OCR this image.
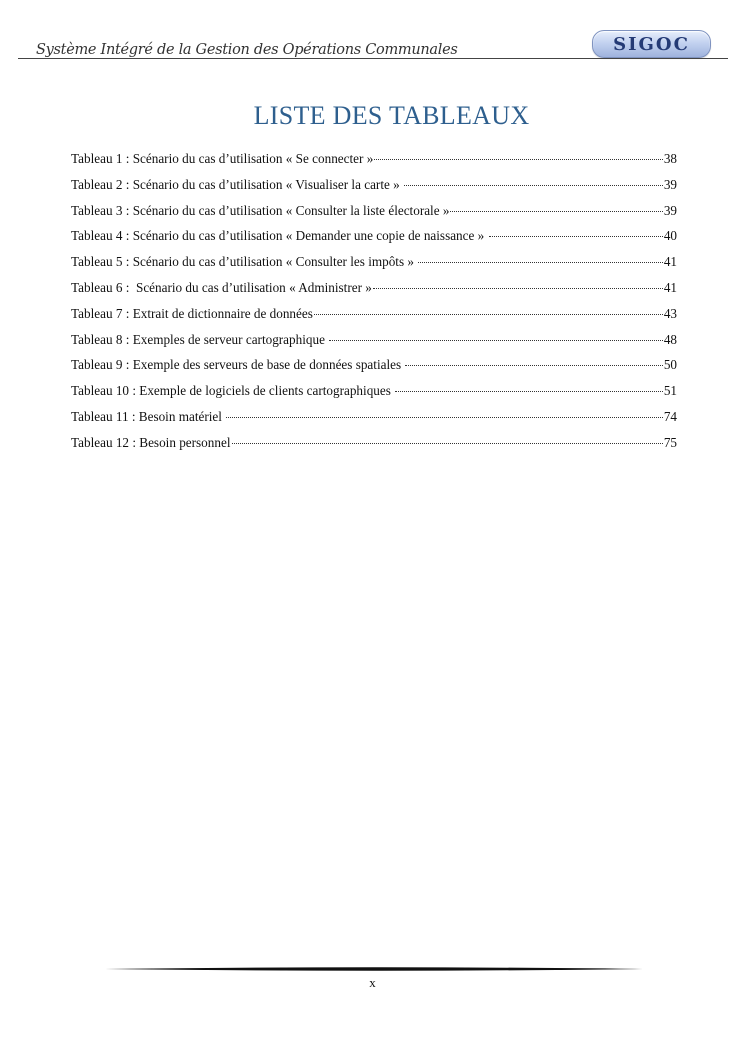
Système Intégré de la Gestion des Opérations Communales	SIGOC
LISTE DES TABLEAUX
Tableau 1 : Scénario du cas d’utilisation « Se connecter »	38
Tableau 2 : Scénario du cas d’utilisation « Visualiser la carte »	39
Tableau 3 : Scénario du cas d’utilisation « Consulter la liste électorale »	39
Tableau 4 : Scénario du cas d’utilisation « Demander une copie de naissance »	40
Tableau 5 : Scénario du cas d’utilisation « Consulter les impôts »	41
Tableau 6 :  Scénario du cas d’utilisation « Administrer »	41
Tableau 7 : Extrait de dictionnaire de données	43
Tableau 8 : Exemples de serveur cartographique	48
Tableau 9 : Exemple des serveurs de base de données spatiales	50
Tableau 10 : Exemple de logiciels de clients cartographiques	51
Tableau 11 : Besoin matériel	74
Tableau 12 : Besoin personnel	75
x
